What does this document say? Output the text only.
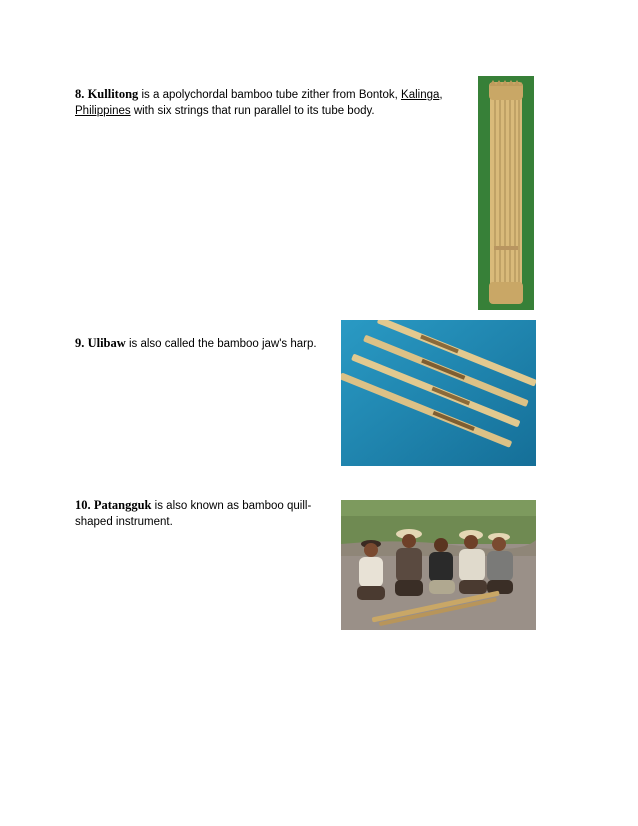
8. Kullitong is a apolychordal bamboo tube zither from Bontok, Kalinga,
Philippines with six strings that run parallel to its tube body.
9. Ulibaw is also called the bamboo jaw's harp.
10. Patangguk is also known as bamboo quill-shaped instrument.
